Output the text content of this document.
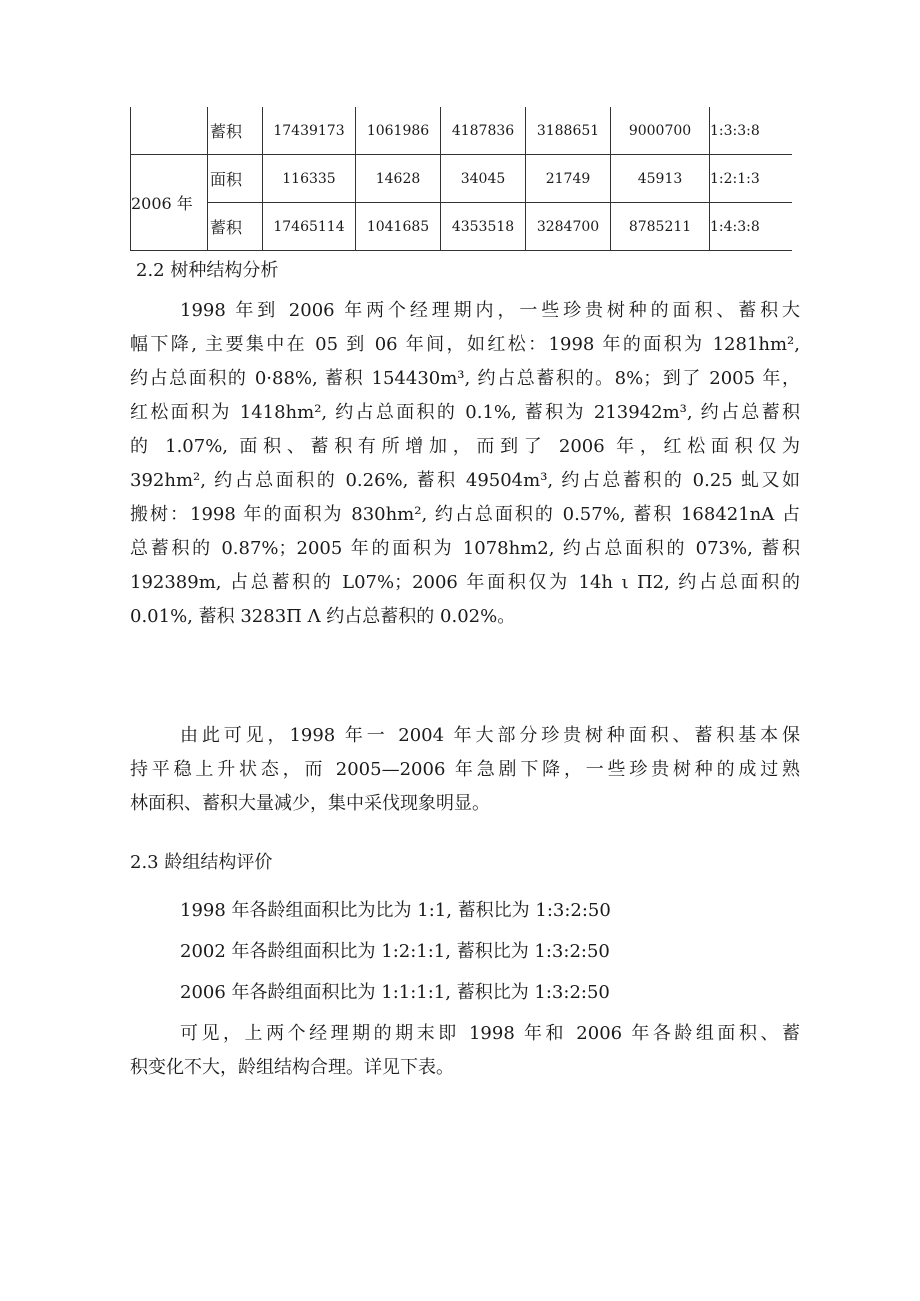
	蓄积	17439173	1061986	4187836	3188651	9000700	1:3:3:8
2006 年	面积	116335	14628	34045	21749	45913	1:2:1:3
	蓄积	17465114	1041685	4353518	3284700	8785211	1:4:3:8
2.2 树种结构分析
1998 年到 2006 年两个经理期内，一些珍贵树种的面积、蓄积大
幅下降, 主要集中在 05 到 06 年间，如红松：1998 年的面积为 1281hm²,
约占总面积的 0·88%, 蓄积 154430m³, 约占总蓄积的。8%；到了 2005 年，
红松面积为 1418hm², 约占总面积的 0.1%, 蓄积为 213942m³, 约占总蓄积
的 1.07%, 面积、蓄积有所增加，而到了 2006 年，红松面积仅为
392hm², 约占总面积的 0.26%, 蓄积 49504m³, 约占总蓄积的 0.25 虬又如
搬树：1998 年的面积为 830hm², 约占总面积的 0.57%, 蓄积 168421nA 占
总蓄积的 0.87%；2005 年的面积为 1078hm2, 约占总面积的 073%, 蓄积
192389m, 占总蓄积的 L07%；2006 年面积仅为 14h ι Π2, 约占总面积的
0.01%, 蓄积 3283Π Λ 约占总蓄积的 0.02%。
由此可见，1998 年一 2004 年大部分珍贵树种面积、蓄积基本保
持平稳上升状态，而 2005—2006 年急剧下降，一些珍贵树种的成过熟
林面积、蓄积大量减少，集中采伐现象明显。
2.3 龄组结构评价
1998 年各龄组面积比为比为 1:1, 蓄积比为 1:3:2:50
2002 年各龄组面积比为 1:2:1:1, 蓄积比为 1:3:2:50
2006 年各龄组面积比为 1:1:1:1, 蓄积比为 1:3:2:50
可见，上两个经理期的期末即 1998 年和 2006 年各龄组面积、蓄
积变化不大，龄组结构合理。详见下表。
